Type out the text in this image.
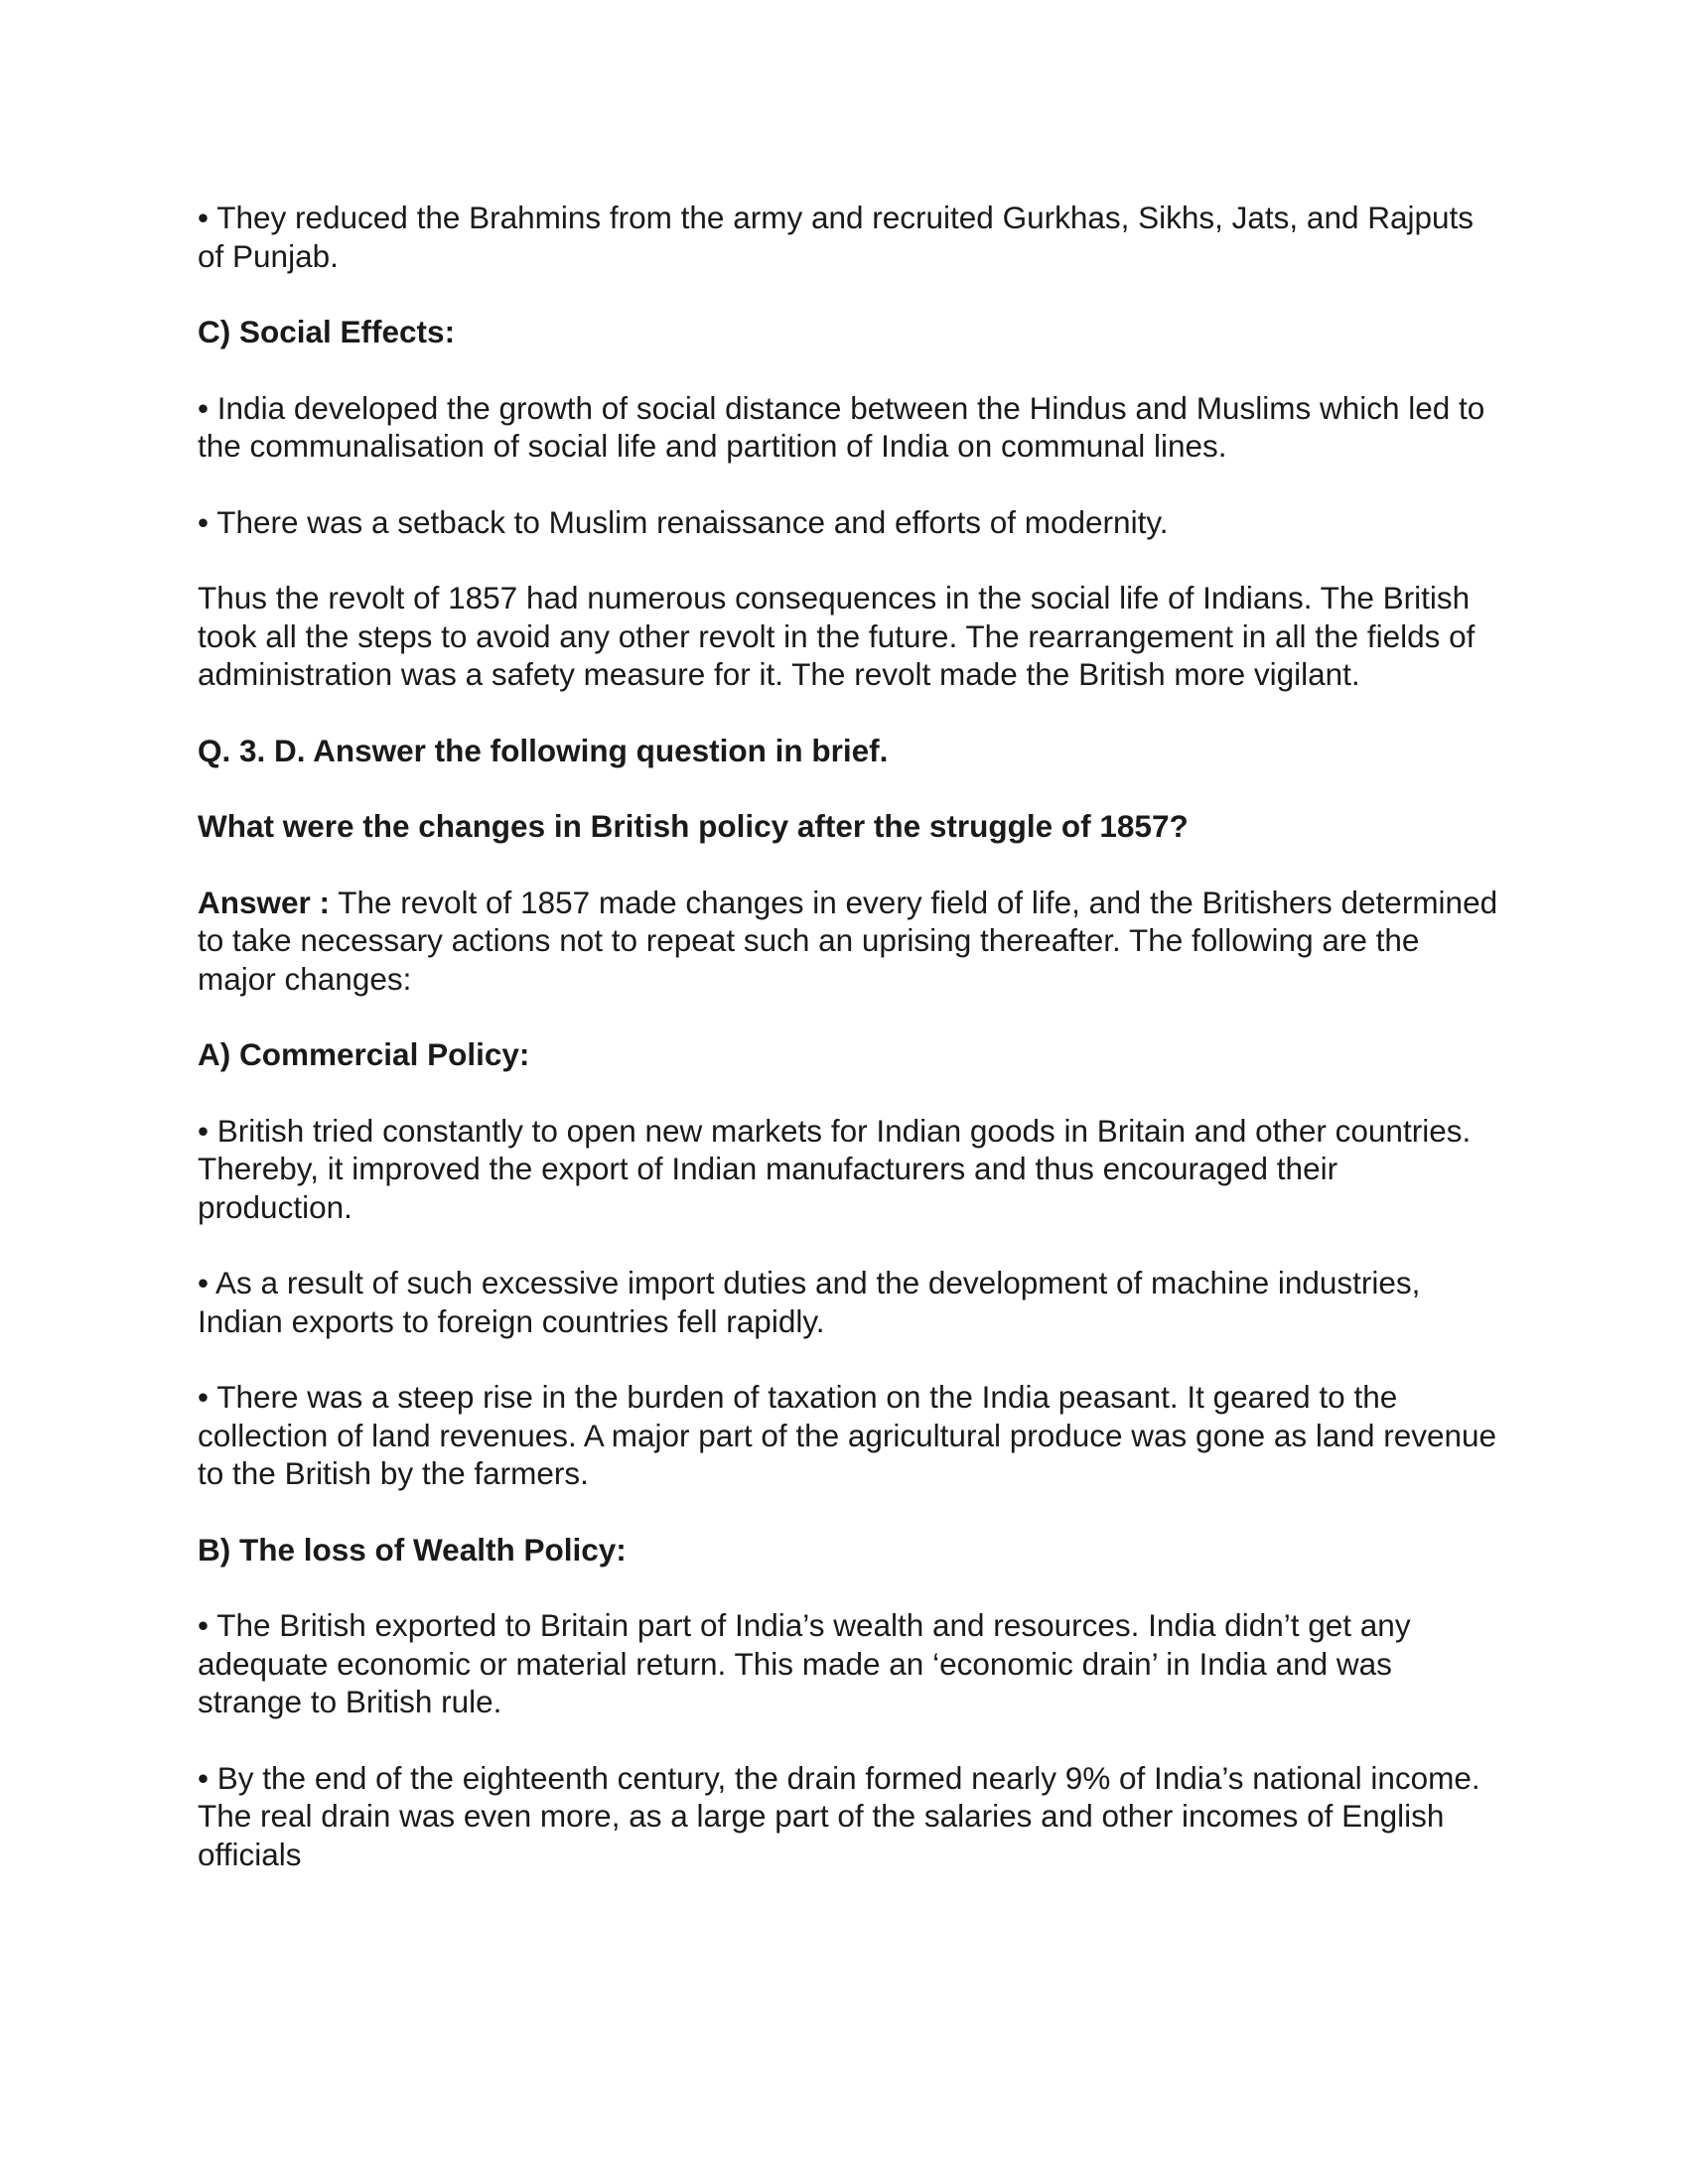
• They reduced the Brahmins from the army and recruited Gurkhas, Sikhs, Jats, and Rajputs of Punjab.

C) Social Effects:

• India developed the growth of social distance between the Hindus and Muslims which led to the communalisation of social life and partition of India on communal lines.

• There was a setback to Muslim renaissance and efforts of modernity.

Thus the revolt of 1857 had numerous consequences in the social life of Indians. The British took all the steps to avoid any other revolt in the future. The rearrangement in all the fields of administration was a safety measure for it. The revolt made the British more vigilant.

Q. 3. D. Answer the following question in brief.

What were the changes in British policy after the struggle of 1857?

Answer : The revolt of 1857 made changes in every field of life, and the Britishers determined to take necessary actions not to repeat such an uprising thereafter. The following are the major changes:

A) Commercial Policy:

• British tried constantly to open new markets for Indian goods in Britain and other countries. Thereby, it improved the export of Indian manufacturers and thus encouraged their production.

• As a result of such excessive import duties and the development of machine industries, Indian exports to foreign countries fell rapidly.

• There was a steep rise in the burden of taxation on the India peasant. It geared to the collection of land revenues. A major part of the agricultural produce was gone as land revenue to the British by the farmers.

B) The loss of Wealth Policy:

• The British exported to Britain part of India’s wealth and resources. India didn’t get any adequate economic or material return. This made an ‘economic drain’ in India and was strange to British rule.

• By the end of the eighteenth century, the drain formed nearly 9% of India’s national income. The real drain was even more, as a large part of the salaries and other incomes of English officials
